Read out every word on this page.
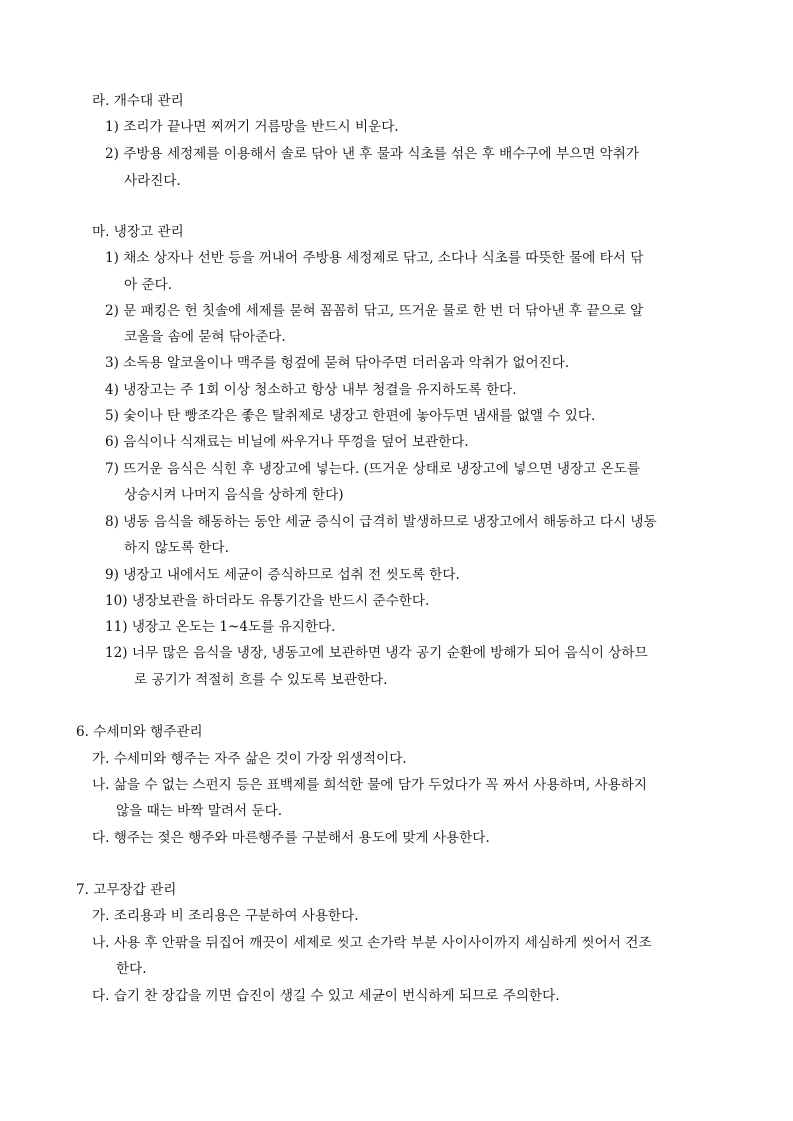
라. 개수대 관리
1) 조리가 끝나면 찌꺼기 거름망을 반드시 비운다.
2) 주방용 세정제를 이용해서 솔로 닦아 낸 후 물과 식초를 섞은 후 배수구에 부으면 악취가
사라진다.
마. 냉장고 관리
1) 채소 상자나 선반 등을 꺼내어 주방용 세정제로 닦고, 소다나 식초를 따뜻한 물에 타서 닦
아 준다.
2) 문 패킹은 헌 칫솔에 세제를 묻혀 꼼꼼히 닦고, 뜨거운 물로 한 번 더 닦아낸 후 끝으로 알
코올을 솜에 묻혀 닦아준다.
3) 소독용 알코올이나 맥주를 헝겊에 묻혀 닦아주면 더러움과 악취가 없어진다.
4) 냉장고는 주 1회 이상 청소하고 항상 내부 청결을 유지하도록 한다.
5) 숯이나 탄 빵조각은 좋은 탈취제로 냉장고 한편에 놓아두면 냄새를 없앨 수 있다.
6) 음식이나 식재료는 비닐에 싸우거나 뚜껑을 덮어 보관한다.
7) 뜨거운 음식은 식힌 후 냉장고에 넣는다. (뜨거운 상태로 냉장고에 넣으면 냉장고 온도를
상승시켜 나머지 음식을 상하게 한다)
8) 냉동 음식을 해동하는 동안 세균 증식이 급격히 발생하므로 냉장고에서 해동하고 다시 냉동
하지 않도록 한다.
9) 냉장고 내에서도 세균이 증식하므로 섭취 전 씻도록 한다.
10) 냉장보관을 하더라도 유통기간을 반드시 준수한다.
11) 냉장고 온도는 1~4도를 유지한다.
12) 너무 많은 음식을 냉장, 냉동고에 보관하면 냉각 공기 순환에 방해가 되어 음식이 상하므
로 공기가 적절히 흐를 수 있도록 보관한다.
6. 수세미와 행주관리
가. 수세미와 행주는 자주 삶은 것이 가장 위생적이다.
나. 삶을 수 없는 스펀지 등은 표백제를 희석한 물에 담가 두었다가 꼭 짜서 사용하며, 사용하지
않을 때는 바짝 말려서 둔다.
다. 행주는 젖은 행주와 마른행주를 구분해서 용도에 맞게 사용한다.
7. 고무장갑 관리
가. 조리용과 비 조리용은 구분하여 사용한다.
나. 사용 후 안팎을 뒤집어 깨끗이 세제로 씻고 손가락 부분 사이사이까지 세심하게 씻어서 건조
한다.
다. 습기 찬 장갑을 끼면 습진이 생길 수 있고 세균이 번식하게 되므로 주의한다.
